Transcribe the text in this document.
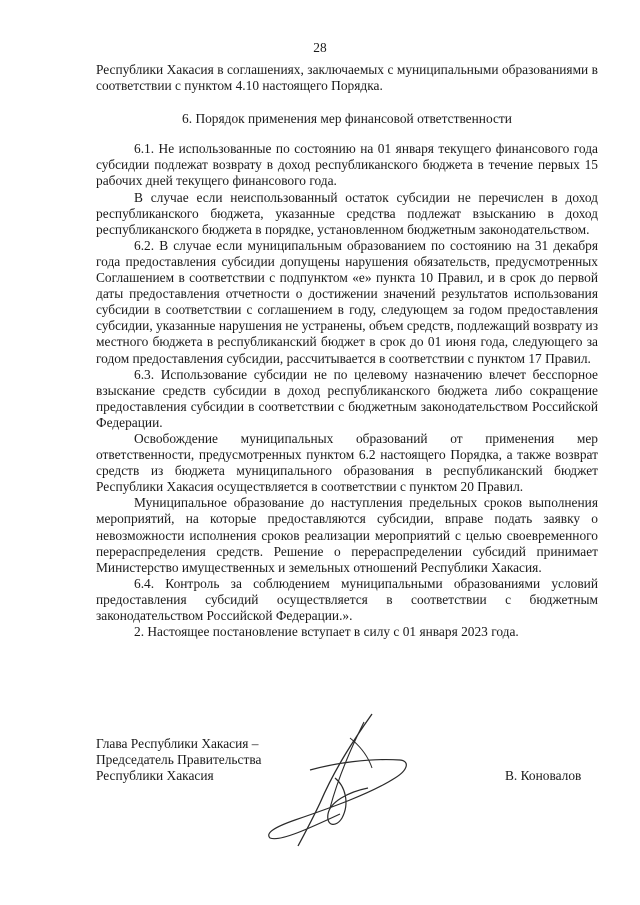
28

Республики Хакасия в соглашениях, заключаемых с муниципальными образованиями в соответствии с пунктом 4.10 настоящего Порядка.

6. Порядок применения мер финансовой ответственности

6.1. Не использованные по состоянию на 01 января текущего финансового года субсидии подлежат возврату в доход республиканского бюджета в течение первых 15 рабочих дней текущего финансового года.

В случае если неиспользованный остаток субсидии не перечислен в доход республиканского бюджета, указанные средства подлежат взысканию в доход республиканского бюджета в порядке, установленном бюджетным законодательством.

6.2. В случае если муниципальным образованием по состоянию на 31 декабря года предоставления субсидии допущены нарушения обязательств, предусмотренных Соглашением в соответствии с подпунктом «е» пункта 10 Правил, и в срок до первой даты предоставления отчетности о достижении значений результатов использования субсидии в соответствии с соглашением в году, следующем за годом предоставления субсидии, указанные нарушения не устранены, объем средств, подлежащий возврату из местного бюджета в республиканский бюджет в срок до 01 июня года, следующего за годом предоставления субсидии, рассчитывается в соответствии с пунктом 17 Правил.

6.3. Использование субсидии не по целевому назначению влечет бесспорное взыскание средств субсидии в доход республиканского бюджета либо сокращение предоставления субсидии в соответствии с бюджетным законодательством Российской Федерации.

Освобождение муниципальных образований от применения мер ответственности, предусмотренных пунктом 6.2 настоящего Порядка, а также возврат средств из бюджета муниципального образования в республиканский бюджет Республики Хакасия осуществляется в соответствии с пунктом 20 Правил.

Муниципальное образование до наступления предельных сроков выполнения мероприятий, на которые предоставляются субсидии, вправе подать заявку о невозможности исполнения сроков реализации мероприятий с целью своевременного перераспределения средств. Решение о перераспределении субсидий принимает Министерство имущественных и земельных отношений Республики Хакасия.

6.4. Контроль за соблюдением муниципальными образованиями условий предоставления субсидий осуществляется в соответствии с бюджетным законодательством Российской Федерации.».

2. Настоящее постановление вступает в силу с 01 января 2023 года.

Глава Республики Хакасия –
Председатель Правительства
Республики Хакасия	В. Коновалов
